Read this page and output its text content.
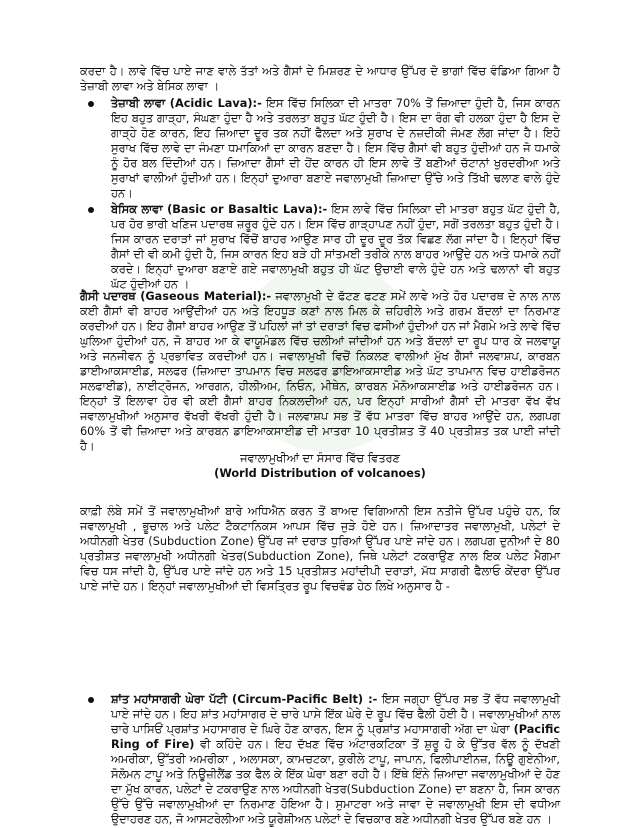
ਕਰਦਾ ਹੈ। ਲਾਵੇ ਵਿੱਚ ਪਾਏ ਜਾਣ ਵਾਲੇ ਤੱਤਾਂ ਅਤੇ ਗੈਸਾਂ ਦੇ ਮਿਸ਼ਰਣ ਦੇ ਆਧਾਰ ਉੱਪਰ ਦੋ ਭਾਗਾਂ ਵਿੱਚ ਵੰਡਿਆ ਗਿਆ ਹੈ ਤੇਜ਼ਾਬੀ ਲਾਵਾ ਅਤੇ ਬੇਸਿਕ ਲਾਵਾ ।

ਤੇਜ਼ਾਬੀ ਲਾਵਾ (Acidic Lava):- ਇਸ ਵਿੱਚ ਸਿਲਿਕਾ ਦੀ ਮਾਤਰਾ 70% ਤੋਂ ਜ਼ਿਆਦਾ ਹੁੰਦੀ ਹੈ, ਜਿਸ ਕਾਰਨ ਇਹ ਬਹੁਤ ਗਾੜ੍ਹਾ, ਸੰਘਣਾ ਹੁੰਦਾ ਹੈ ਅਤੇ ਤਰਲਤਾ ਬਹੁਤ ਘੱਟ ਹੁੰਦੀ ਹੈ। ਇਸ ਦਾ ਰੰਗ ਵੀ ਹਲਕਾ ਹੁੰਦਾ ਹੈ ਇਸ ਦੇ ਗਾੜ੍ਹੇ ਹੋਣ ਕਾਰਨ, ਇਹ ਜ਼ਿਆਦਾ ਦੂਰ ਤਕ ਨਹੀਂ ਫੈਲਦਾ ਅਤੇ ਸੁਰਾਖ ਦੇ ਨਜ਼ਦੀਕੀ ਜੰਮਣ ਲੱਗ ਜਾਂਦਾ ਹੈ। ਇਹੋ ਸੁਰਾਖ ਵਿੱਚ ਲਾਵੇ ਦਾ ਜੰਮਣਾ ਧਮਾਕਿਆਂ ਦਾ ਕਾਰਨ ਬਣਦਾ ਹੈ। ਇਸ ਵਿੱਚ ਗੈਸਾਂ ਵੀ ਬਹੁਤ ਹੁੰਦੀਆਂ ਹਨ ਜੋ ਧਮਾਕੇ ਨੂੰ ਹੋਰ ਬਲ ਦਿੰਦੀਆਂ ਹਨ। ਜ਼ਿਆਦਾ ਗੈਸਾਂ ਦੀ ਹੋਂਦ ਕਾਰਨ ਹੀ ਇਸ ਲਾਵੇ ਤੋਂ ਬਣੀਆਂ ਚੱਟਾਨਾਂ ਖੁਰਦਰੀਆ ਅਤੇ ਸੁਰਾਖਾਂ ਵਾਲੀਆਂ ਹੁੰਦੀਆਂ ਹਨ। ਇਨ੍ਹਾਂ ਦੁਆਰਾ ਬਣਾਏ ਜਵਾਲਾਮੁਖੀ ਜ਼ਿਆਦਾ ਉੱਚੇ ਅਤੇ ਤਿੱਖੀ ਢਲਾਣ ਵਾਲੇ ਹੁੰਦੇ ਹਨ।
ਬੇਸਿਕ ਲਾਵਾ (Basic or Basaltic Lava):- ਇਸ ਲਾਵੇ ਵਿੱਚ ਸਿਲਿਕਾ ਦੀ ਮਾਤਰਾ ਬਹੁਤ ਘੱਟ ਹੁੰਦੀ ਹੈ, ਪਰ ਹੋਰ ਭਾਰੀ ਖਣਿਜ ਪਦਾਰਥ ਜ਼ਰੂਰ ਹੁੰਦੇ ਹਨ। ਇਸ ਵਿੱਚ ਗਾੜ੍ਹਾਪਣ ਨਹੀਂ ਹੁੰਦਾ, ਸਗੋਂ ਤਰਲਤਾ ਬਹੁਤ ਹੁੰਦੀ ਹੈ। ਜਿਸ ਕਾਰਨ ਦਰਾੜਾਂ ਜਾਂ ਸੁਰਾਖ ਵਿੱਚੋਂ ਬਾਹਰ ਆਉਣ ਸਾਰ ਹੀ ਦੂਰ ਦੂਰ ਤੱਕ ਵਿਛਣ ਲੱਗ ਜਾਂਦਾ ਹੈ। ਇਨ੍ਹਾਂ ਵਿੱਚ ਗੈਸਾਂ ਦੀ ਵੀ ਕਮੀ ਹੁੰਦੀ ਹੈ, ਜਿਸ ਕਾਰਨ ਇਹ ਬੜੇ ਹੀ ਸਾਂਤਮਈ ਤਰੀਕੇ ਨਾਲ ਬਾਹਰ ਆਉਂਦੇ ਹਨ ਅਤੇ ਧਮਾਕੇ ਨਹੀਂ ਕਰਦੇ। ਇਨ੍ਹਾਂ ਦੁਆਰਾ ਬਣਾਏ ਗਏ ਜਵਾਲਾਮੁਖੀ ਬਹੁਤ ਹੀ ਘੱਟ ਉਚਾਈ ਵਾਲੇ ਹੁੰਦੇ ਹਨ ਅਤੇ ਢਲਾਨਾਂ ਵੀ ਬਹੁਤ ਘੱਟ ਹੁੰਦੀਆਂ ਹਨ ।

ਗੈਸੀ ਪਦਾਰਥ (Gaseous Material):- ਜਵਾਲਾਮੁਖੀ ਦੇ ਫੱਟਣ ਫਟਣ ਸਮੇਂ ਲਾਵੇ ਅਤੇ ਹੋਰ ਪਦਾਰਥ ਦੇ ਨਾਲ ਨਾਲ ਕਈ ਗੈਸਾਂ ਵੀ ਬਾਹਰ ਆਉਂਦੀਆਂ ਹਨ ਅਤੇ ਇਹਧੂੜ ਕਣਾਂ ਨਾਲ ਮਿਲ ਕੇ ਜ਼ਹਿਰੀਲੇ ਅਤੇ ਗਰਮ ਬੱਦਲਾਂ ਦਾ ਨਿਰਮਾਣ ਕਰਦੀਆਂ ਹਨ। ਇਹ ਗੈਸਾਂ ਬਾਹਰ ਆਉਣ ਤੋਂ ਪਹਿਲਾਂ ਜਾਂ ਤਾਂ ਦਰਾੜਾਂ ਵਿਚ ਫਸੀਆਂ ਹੁੰਦੀਆਂ ਹਨ ਜਾਂ ਮੈਗਮੇ ਅਤੇ ਲਾਵੇ ਵਿੱਚ ਘੁਲਿਆ ਹੁੰਦੀਆਂ ਹਨ, ਜੋ ਬਾਹਰ ਆ ਕੇ ਵਾਯੂਮੰਡਲ ਵਿੱਚ ਚਲੀਆਂ ਜਾਂਦੀਆਂ ਹਨ ਅਤੇ ਬੱਦਲਾਂ ਦਾ ਰੂਪ ਧਾਰ ਕੇ ਜਲਵਾਯੂ ਅਤੇ ਜਨਜੀਵਨ ਨੂੰ ਪ੍ਰਭਾਵਿਤ ਕਰਦੀਆਂ ਹਨ। ਜਵਾਲਾਮੁਖੀ ਵਿਚੋਂ ਨਿਕਲਣ ਵਾਲੀਆਂ ਮੁੱਖ ਗੈਸਾਂ ਜਲਵਾਸ਼ਪ, ਕਾਰਬਨ ਡਾਈਆਕਸਾਈਡ, ਸਲਫਰ (ਜ਼ਿਆਦਾ ਤਾਪਮਾਨ ਵਿਚ ਸਲਫਰ ਡਾਇਆਕਸਾਈਡ ਅਤੇ ਘੱਟ ਤਾਪਮਾਨ ਵਿਚ ਹਾਈਡਰੋਜਨ ਸਲਫਾਈਡ), ਨਾਈਟ੍ਰੋਜਨ, ਆਰਗਨ, ਹੀਲੀਅਮ, ਨਿਓਨ, ਮੀਥੇਨ, ਕਾਰਬਨ ਮੋਨੋਆਕਸਾਈਡ ਅਤੇ ਹਾਈਡਰੋਜਨ ਹਨ। ਇਨ੍ਹਾਂ ਤੋਂ ਇਲਾਵਾ ਹੋਰ ਵੀ ਕਈ ਗੈਸਾਂ ਬਾਹਰ ਨਿਕਲਦੀਆਂ ਹਨ, ਪਰ ਇਨ੍ਹਾਂ ਸਾਰੀਆਂ ਗੈਸਾਂ ਦੀ ਮਾਤਰਾ ਵੱਖ ਵੱਖ ਜਵਾਲਾਮੁਖੀਆਂ ਅਨੁਸਾਰ ਵੱਖਰੀ ਵੱਖਰੀ ਹੁੰਦੀ ਹੈ। ਜਲਵਾਸ਼ਪ ਸਭ ਤੋਂ ਵੱਧ ਮਾਤਰਾ ਵਿੱਚ ਬਾਹਰ ਆਉਂਦੇ ਹਨ, ਲਗਪਗ 60% ਤੋਂ ਵੀ ਜ਼ਿਆਦਾ ਅਤੇ ਕਾਰਬਨ ਡਾਇਆਕਸਾਈਡ ਦੀ ਮਾਤਰਾ 10 ਪ੍ਰਤੀਸ਼ਤ ਤੋਂ 40 ਪ੍ਰਤੀਸ਼ਤ ਤਕ ਪਾਈ ਜਾਂਦੀ ਹੈ।

ਜਵਾਲਾਮੁਖੀਆਂ ਦਾ ਸੰਸਾਰ ਵਿੱਚ ਵਿਤਰਣ
(World Distribution of volcanoes)

ਕਾਫ਼ੀ ਲੰਬੇ ਸਮੇਂ ਤੋਂ ਜਵਾਲਾਮੁਖੀਆਂ ਬਾਰੇ ਅਧਿਐਨ ਕਰਨ ਤੋਂ ਬਾਅਦ ਵਿਗਿਆਨੀ ਇਸ ਨਤੀਜੇ ਉੱਪਰ ਪਹੁੰਚੇ ਹਨ, ਕਿ ਜਵਾਲਾਮੁਖੀ , ਭੂਚਾਲ ਅਤੇ ਪਲੇਟ ਟੈਕਟਾਨਿਕਸ ਆਪਸ ਵਿੱਚ ਜੁੜੇ ਹੋਏ ਹਨ। ਜ਼ਿਆਦਾਤਰ ਜਵਾਲਾਮੁਖੀ, ਪਲੇਟਾਂ ਦੇ ਅਧੀਨਗੀ ਖੇਤਰ (Subduction Zone) ਉੱਪਰ ਜਾਂ ਦਰਾੜ ਧੁਰਿਆਂ ਉੱਪਰ ਪਾਏ ਜਾਂਦੇ ਹਨ। ਲਗਪਗ ਦੁਨੀਆਂ ਦੇ 80 ਪ੍ਰਤੀਸ਼ਤ ਜਵਾਲਾਮੁਖੀ ਅਧੀਨਗੀ ਖੇਤਰ(Subduction Zone), ਜਿਥੇ ਪਲੇਟਾਂ ਟਕਰਾਉਣ ਨਾਲ ਇਕ ਪਲੇਟ ਮੈਗਮਾ ਵਿਚ ਧਸ ਜਾਂਦੀ ਹੈ, ਉੱਪਰ ਪਾਏ ਜਾਂਦੇ ਹਨ ਅਤੇ 15 ਪ੍ਰਤੀਸ਼ਤ ਮਹਾਂਦੀਪੀ ਦਰਾੜਾਂ, ਮੱਧ ਸਾਗਰੀ ਫੈਲਾਓ ਕੇਂਦਰਾ ਉੱਪਰ ਪਾਏ ਜਾਂਦੇ ਹਨ। ਇਨ੍ਹਾਂ ਜਵਾਲਾਮੁਖੀਆਂ ਦੀ ਵਿਸਤ੍ਰਿਤ ਰੂਪ ਵਿਚਵੰਡ ਹੇਠ ਲਿਖੇ ਅਨੁਸਾਰ ਹੈ -

ਸ਼ਾਂਤ ਮਹਾਂਸਾਗਰੀ ਘੇਰਾ ਪੱਟੀ (Circum-Pacific Belt) :- ਇਸ ਜਗ੍ਹਾ ਉੱਪਰ ਸਭ ਤੋਂ ਵੱਧ ਜਵਾਲਾਮੁਖੀ ਪਾਏ ਜਾਂਦੇ ਹਨ। ਇਹ ਸ਼ਾਂਤ ਮਹਾਂਸਾਗਰ ਦੇ ਚਾਰੇ ਪਾਸੇ ਇੱਕ ਘੇਰੇ ਦੇ ਰੂਪ ਵਿੱਚ ਫੈਲੀ ਹੋਈ ਹੈ। ਜਵਾਲਾਮੁਖੀਆਂ ਨਾਲ ਚਾਰੇ ਪਾਸਿਓਂ ਪ੍ਰਸ਼ਾਂਤ ਮਹਾਸਾਗਰ ਦੇ ਘਿਰੇ ਹੋਣ ਕਾਰਨ, ਇਸ ਨੂੰ ਪ੍ਰਸ਼ਾਂਤ ਮਹਾਸਾਗਰੀ ਅੱਗ ਦਾ ਘੇਰਾ (Pacific Ring of Fire) ਵੀ ਕਹਿੰਦੇ ਹਨ। ਇਹ ਦੱਖਣ ਵਿੱਚ ਅੰਟਾਰਕਟਿਕਾ ਤੋਂ ਸ਼ੁਰੂ ਹੋ ਕੇ ਉੱਤਰ ਵੱਲ ਨੂੰ ਦੱਖਣੀ ਅਮਰੀਕਾ, ਉੱਤਰੀ ਅਮਰੀਕਾ , ਅਲਾਸਕਾ, ਕਾਮਚਟਕਾ, ਕੁਰੀਲੇ ਟਾਪੂ, ਜਾਪਾਨ, ਫਿਲੀਪਾਈਨਜ਼, ਨਿਊ ਗੁਏਨੀਆ, ਸੋਲੋਮਨ ਟਾਪੂ ਅਤੇ ਨਿਊਜ਼ੀਲੈਂਡ ਤਕ ਫੈਲ ਕੇ ਇੱਕ ਘੇਰਾ ਬਣਾ ਰਹੀ ਹੈ। ਇੱਥੇ ਇੰਨੇ ਜ਼ਿਆਦਾ ਜਵਾਲਾਮੁਖੀਆਂ ਦੇ ਹੋਣ ਦਾ ਮੁੱਖ ਕਾਰਨ, ਪਲੇਟਾਂ ਦੇ ਟਕਰਾਉਣ ਨਾਲ ਅਧੀਨਗੀ ਖੇਤਰ(Subduction Zone) ਦਾ ਬਣਨਾ ਹੈ, ਜਿਸ ਕਾਰਨ ਉੱਚੇ ਉੱਚੇ ਜਵਾਲਾਮੁਖੀਆਂ ਦਾ ਨਿਰਮਾਣ ਹੋਇਆ ਹੈ। ਸੁਮਾਟਰਾ ਅਤੇ ਜਾਵਾ ਦੇ ਜਵਾਲਾਮੁਖੀ ਇਸ ਦੀ ਵਧੀਆ ਉਦਾਹਰਣ ਹਨ, ਜੋ ਆਸਟਰੇਲੀਆ ਅਤੇ ਯੂਰੇਸ਼ੀਅਨ ਪਲੇਟਾਂ ਦੇ ਵਿਚਕਾਰ ਬਣੇ ਅਧੀਨਗੀ ਖੇਤਰ ਉੱਪਰ ਬਣੇ ਹਨ ।
